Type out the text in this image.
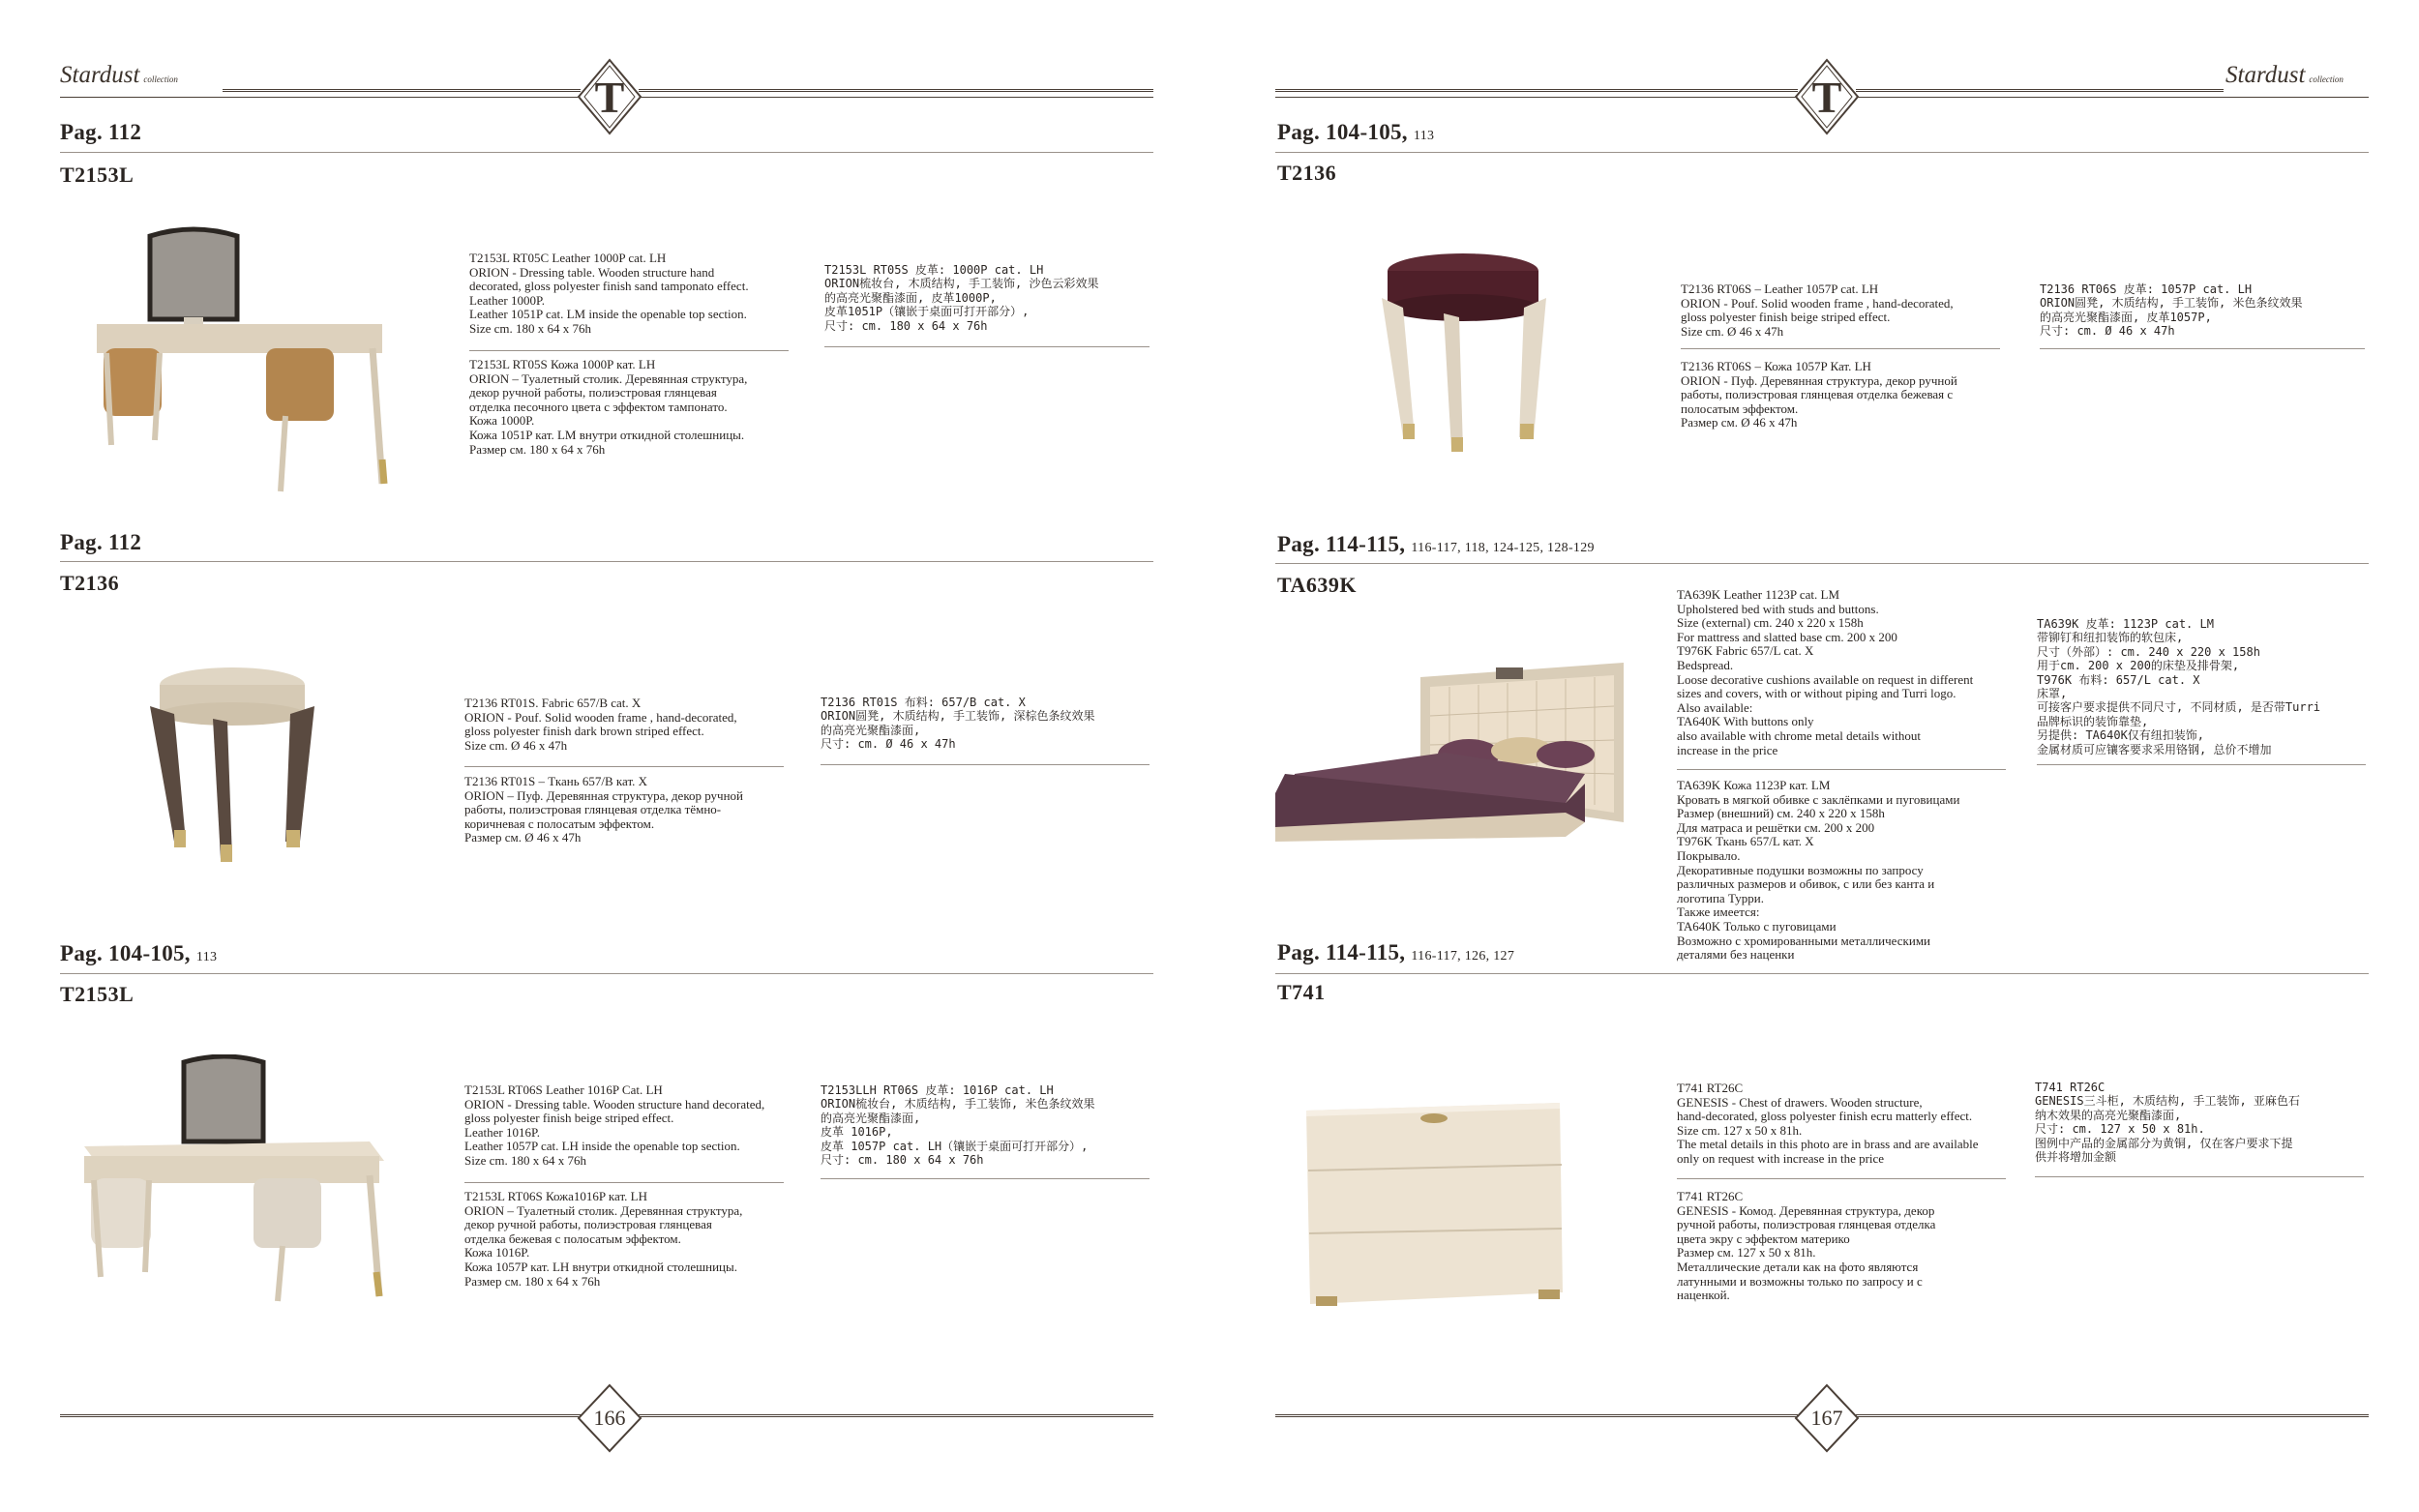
Stardust collection	T
Pag. 112
T2153L
T2153L RT05C Leather 1000P cat. LH
ORION - Dressing table. Wooden structure hand
decorated, gloss polyester finish sand tamponato effect.
Leather 1000P.
Leather 1051P cat. LM inside the openable top section.
Size cm. 180 x 64 x 76h
T2153L RT05S Кожа 1000P кат. LH
ORION – Туалетный столик. Деревянная структура,
декор ручной работы, полиэстровая глянцевая
отделка песочного цвета с эффектом тампонато.
Кожа 1000P.
Кожа 1051P кат. LM внутри откидной столешницы.
Размер см. 180 x 64 x 76h
T2153L RT05S 皮革: 1000P cat. LH
ORION梳妆台, 木质结构, 手工装饰, 沙色云彩效果
的高亮光聚酯漆面, 皮革1000P,
皮革1051P（镶嵌于桌面可打开部分）,
尺寸: cm. 180 x 64 x 76h
Pag. 112
T2136
T2136 RT01S. Fabric 657/B cat. X
ORION - Pouf. Solid wooden frame , hand-decorated,
gloss polyester finish dark brown striped effect.
Size cm. Ø 46 x 47h
T2136 RT01S – Ткань 657/B кат. X
ORION – Пуф. Деревянная структура, декор ручной
работы, полиэстровая глянцевая отделка тёмно-
коричневая с полосатым эффектом.
Размер см. Ø 46 x 47h
T2136 RT01S 布料: 657/B cat. X
ORION圆凳, 木质结构, 手工装饰, 深棕色条纹效果
的高亮光聚酯漆面,
尺寸: cm. Ø 46 x 47h
Pag. 104-105, 113
T2153L
T2153L RT06S Leather 1016P Cat. LH
ORION - Dressing table. Wooden structure hand decorated,
gloss polyester finish beige striped effect.
Leather 1016P.
Leather 1057P cat. LH inside the openable top section.
Size cm. 180 x 64 x 76h
T2153L RT06S Кожа1016P кат. LH
ORION – Туалетный столик. Деревянная структура,
декор ручной работы, полиэстровая глянцевая
отделка бежевая с полосатым эффектом.
Кожа 1016P.
Кожа 1057P кат. LH внутри откидной столешницы.
Размер см. 180 x 64 x 76h
T2153LLH RT06S 皮革: 1016P cat. LH
ORION梳妆台, 木质结构, 手工装饰, 米色条纹效果
的高亮光聚酯漆面,
皮革 1016P,
皮革 1057P cat. LH（镶嵌于桌面可打开部分）,
尺寸: cm. 180 x 64 x 76h
166
T	Stardust collection
Pag. 104-105, 113
T2136
T2136 RT06S – Leather 1057P cat. LH
ORION - Pouf. Solid wooden frame , hand-decorated,
gloss polyester finish beige striped effect.
Size cm. Ø 46 x 47h
T2136 RT06S – Кожа 1057P Кат. LH
ORION - Пуф. Деревянная структура, декор ручной
работы, полиэстровая глянцевая отделка бежевая с
полосатым эффектом.
Размер см. Ø 46 x 47h
T2136 RT06S 皮革: 1057P cat. LH
ORION圆凳, 木质结构, 手工装饰, 米色条纹效果
的高亮光聚酯漆面, 皮革1057P,
尺寸: cm. Ø 46 x 47h
Pag. 114-115, 116-117, 118, 124-125, 128-129
TA639K	TA639K Leather 1123P cat. LM
Upholstered bed with studs and buttons.
Size (external) cm. 240 x 220 x 158h
For mattress and slatted base cm. 200 x 200
T976K Fabric 657/L cat. X
Bedspread.
Loose decorative cushions available on request in different
sizes and covers, with or without piping and Turri logo.
Also available:
TA640K With buttons only
also available with chrome metal details without
increase in the price
TA639K Кожа 1123P кат. LM
Кровать в мягкой обивке с заклёпками и пуговицами
Размер (внешний) см. 240 x 220 x 158h
Для матраса и решётки см. 200 x 200
T976K Ткань 657/L кат. X
Покрывало.
Декоративные подушки возможны по запросу
различных размеров и обивок, с или без канта и
логотипа Турри.
Также имеется:
TA640K Только с пуговицами
Возможно с хромированными металлическими
деталями без наценки
TA639K 皮革: 1123P cat. LM
带铆钉和纽扣装饰的软包床,
尺寸（外部）: cm. 240 x 220 x 158h
用于cm. 200 x 200的床垫及排骨架,
T976K 布料: 657/L cat. X
床罩,
可接客户要求提供不同尺寸, 不同材质, 是否带Turri
品牌标识的装饰靠垫,
另提供: TA640K仅有纽扣装饰,
金属材质可应镶客要求采用铬钢, 总价不增加
Pag. 114-115, 116-117, 126, 127
T741
T741 RT26C
GENESIS - Chest of drawers. Wooden structure,
hand-decorated, gloss polyester finish ecru matterly effect.
Size cm. 127 x 50 x 81h.
The metal details in this photo are in brass and are available
only on request with increase in the price
T741 RT26C
GENESIS - Комод. Деревянная структура, декор
ручной работы, полиэстровая глянцевая отделка
цвета экру с эффектом материко
Размер см. 127 x 50 x 81h.
Металлические детали как на фото являются
латунными и возможны только по запросу и с
наценкой.
T741 RT26C
GENESIS三斗柜, 木质结构, 手工装饰, 亚麻色石
纳木效果的高亮光聚酯漆面,
尺寸: cm. 127 x 50 x 81h.
图例中产品的金属部分为黄铜, 仅在客户要求下提
供并将增加金额
167
